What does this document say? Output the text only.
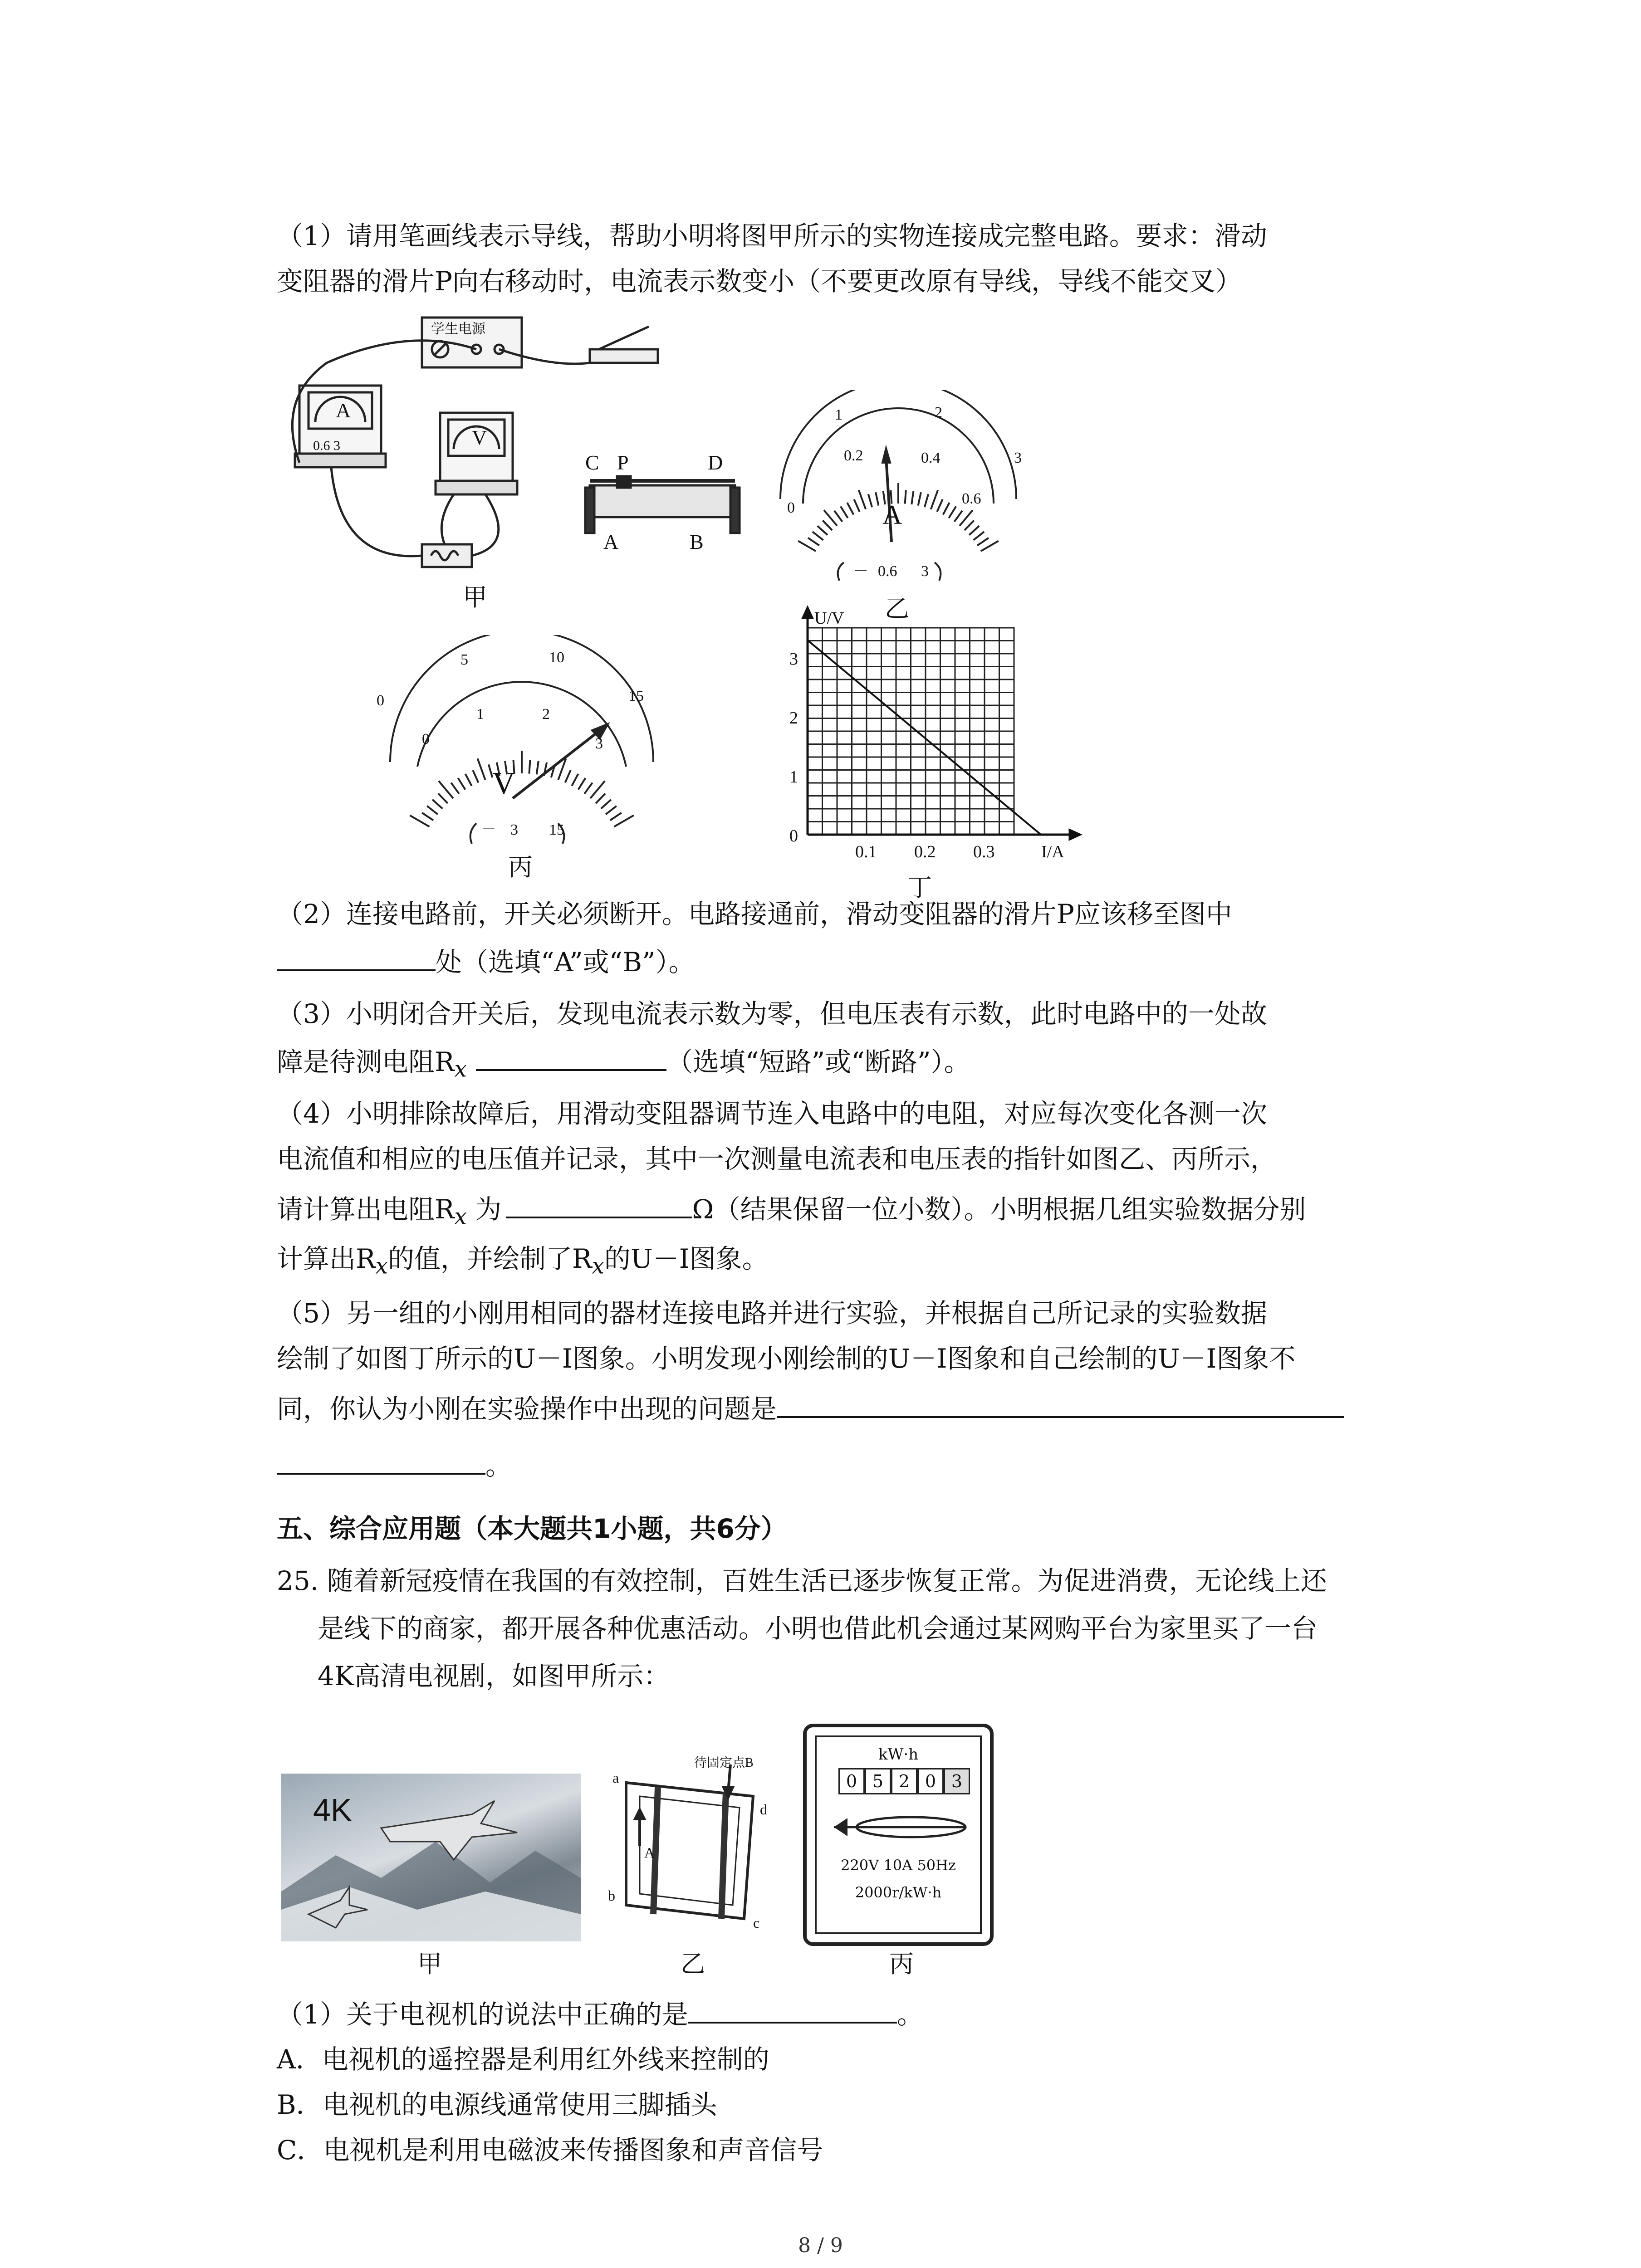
（1）请用笔画线表示导线，帮助小明将图甲所示的实物连接成完整电路。要求：滑动
变阻器的滑片P向右移动时，电流表示数变小（不要更改原有导线，导线不能交叉）
学生电源
A
V
0.6 3
C P	D
A	B
甲
1	2
3
0
0.2	0.4
0.6
A
－ 0.6 3
乙
0
5	10
15
0
1	2
3
V
－ 3 15
丙
U/V
I/A
0
1
2
3
0.1 0.2 0.3
丁
（2）连接电路前，开关必须断开。电路接通前，滑动变阻器的滑片P应该移至图中
处（选填“A”或“B”）。
（3）小明闭合开关后，发现电流表示数为零，但电压表有示数，此时电路中的一处故
障是待测电阻$R_x$	（选填“短路”或“断路”）。
（4）小明排除故障后，用滑动变阻器调节连入电路中的电阻，对应每次变化各测一次
电流值和相应的电压值并记录，其中一次测量电流表和电压表的指针如图乙、丙所示，
请计算出电阻$R_x$ 为	Ω（结果保留一位小数）。小明根据几组实验数据分别
计算出$R_x$的值，并绘制了$R_x$的U－I图象。
（5）另一组的小刚用相同的器材连接电路并进行实验，并根据自己所记录的实验数据
绘制了如图丁所示的U－I图象。小明发现小刚绘制的U－I图象和自己绘制的U－I图象不
同，你认为小刚在实验操作中出现的问题是
。
五、综合应用题（本大题共1小题，共6分）
25. 随着新冠疫情在我国的有效控制，百姓生活已逐步恢复正常。为促进消费，无论线上还
是线下的商家，都开展各种优惠活动。小明也借此机会通过某网购平台为家里买了一台
4K高清电视剧，如图甲所示：
4K
甲
a
b
c
d
A
待固定点B
乙
kW·h
0 5 2 0 3
220V 10A 50Hz
2000r/kW·h
丙
（1）关于电视机的说法中正确的是	。
A．电视机的遥控器是利用红外线来控制的
B．电视机的电源线通常使用三脚插头
C．电视机是利用电磁波来传播图象和声音信号
8 / 9
